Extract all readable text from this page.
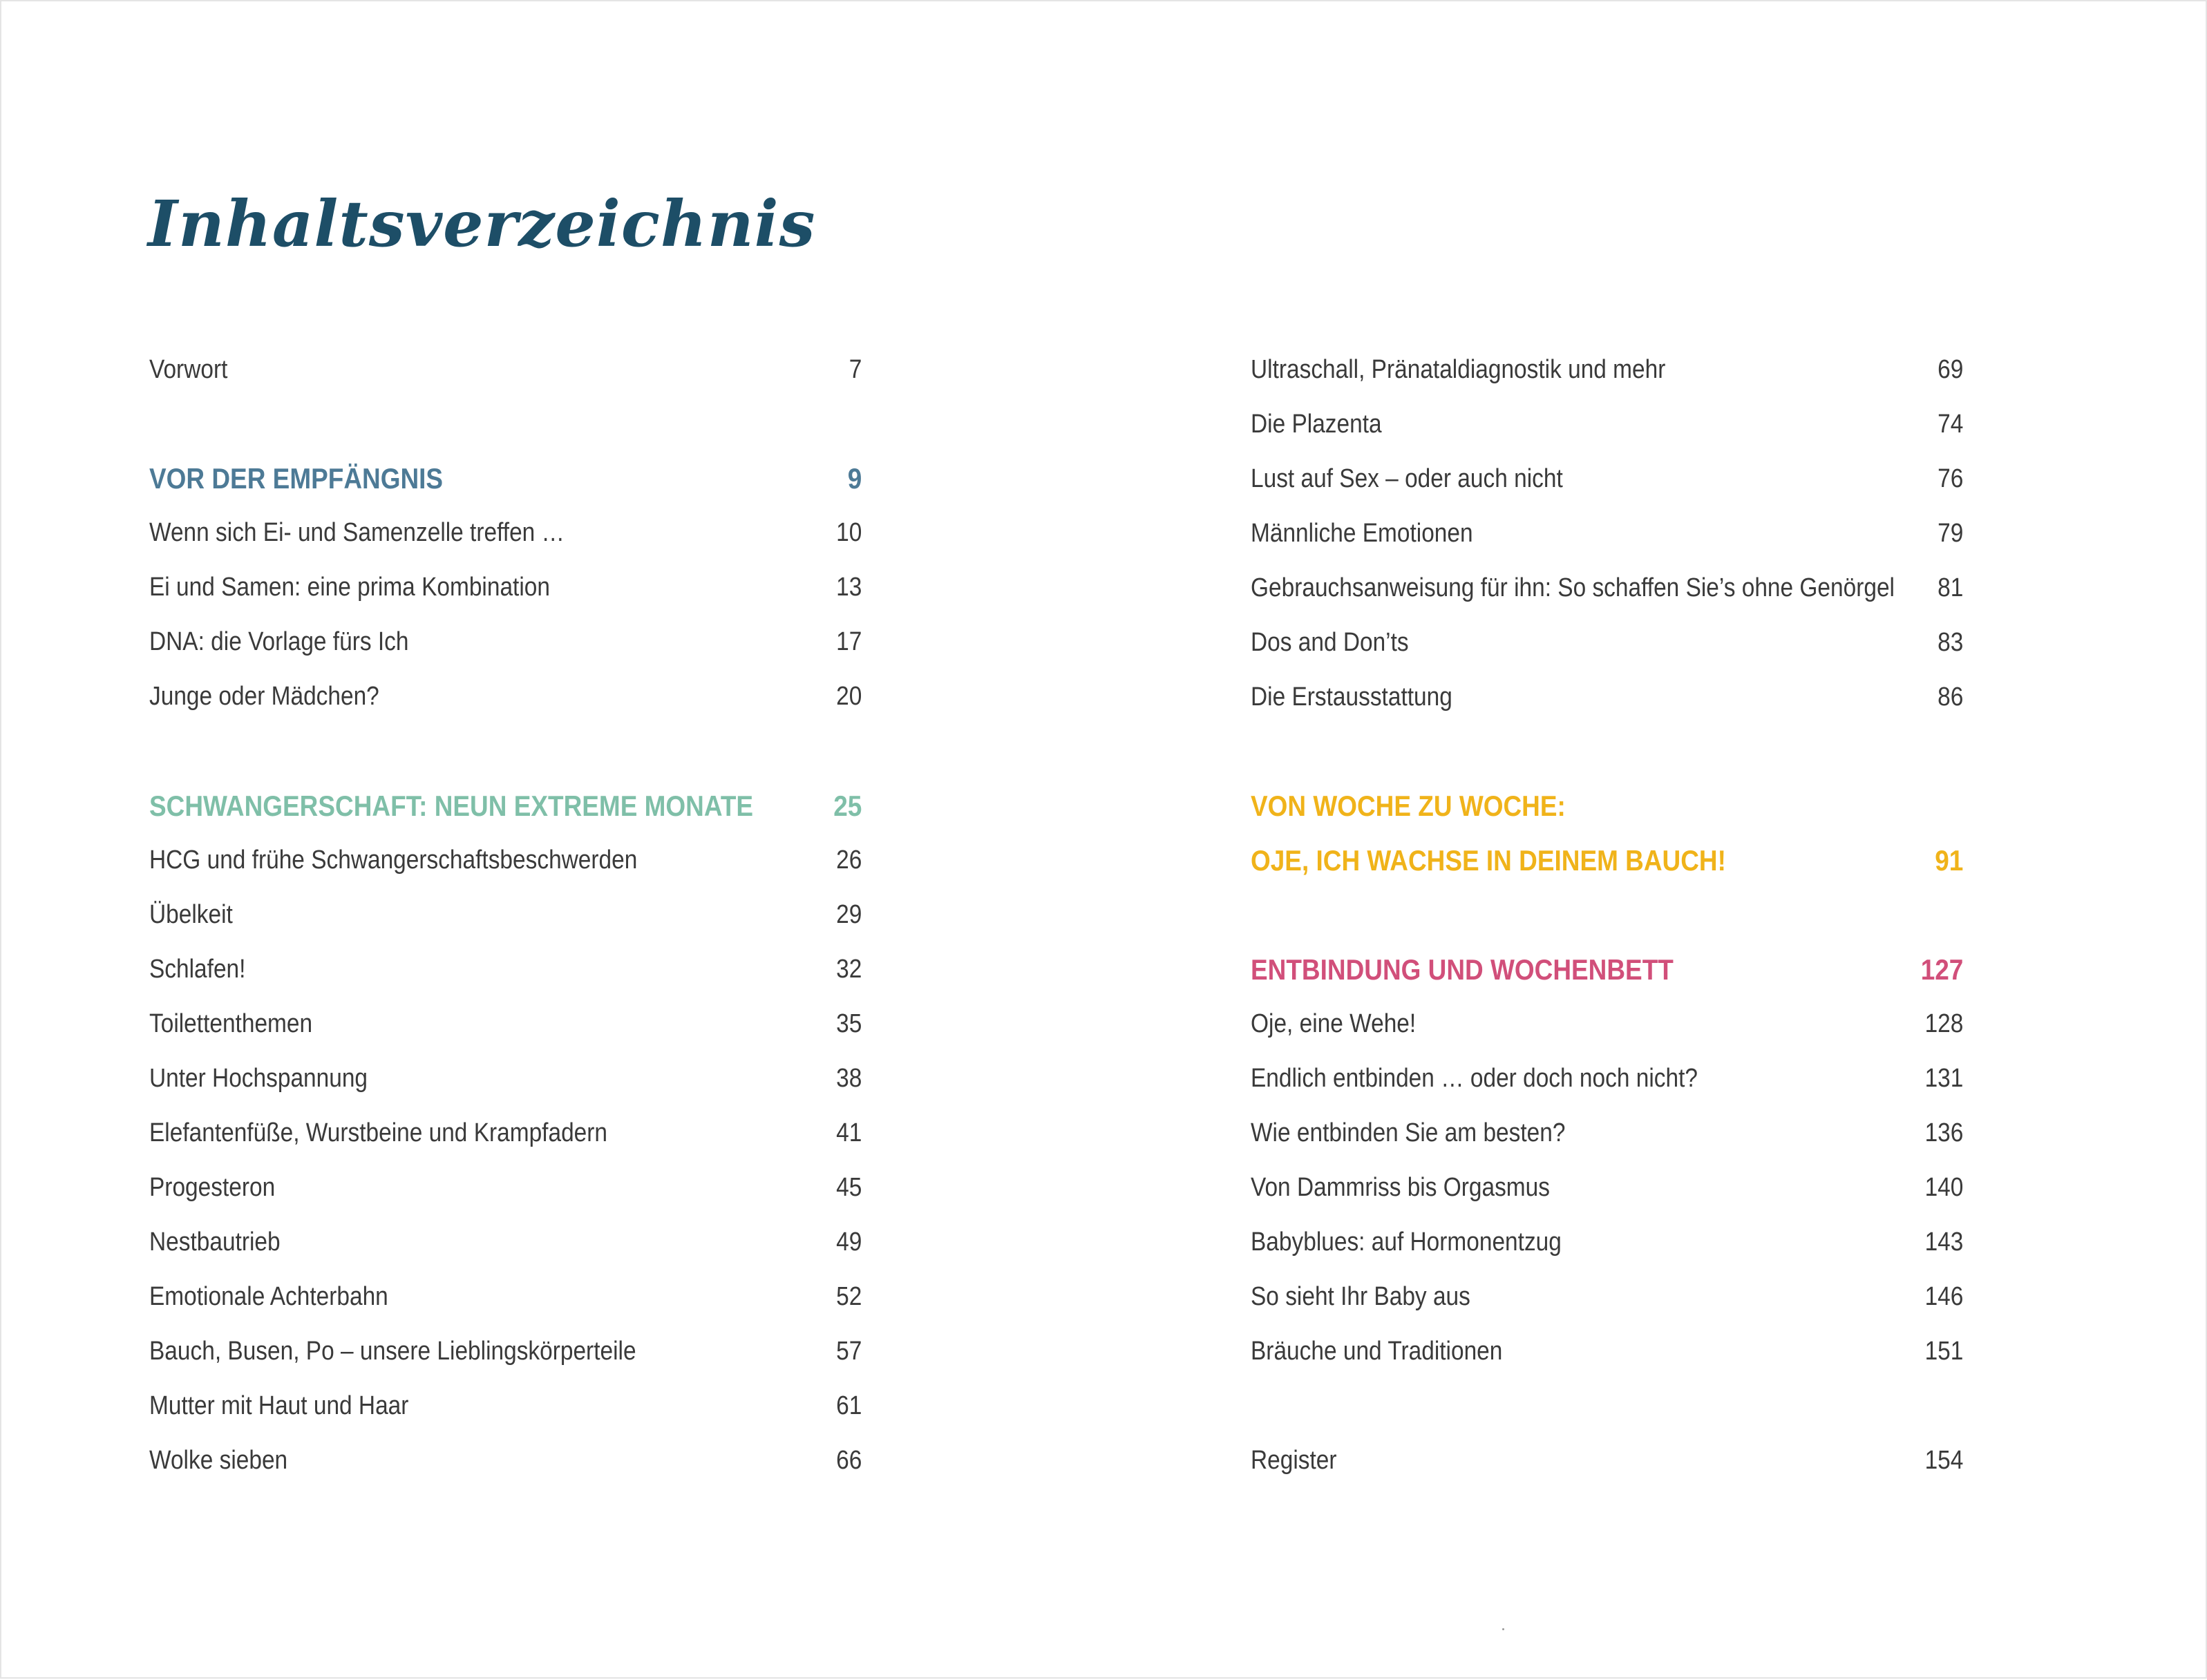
Inhaltsverzeichnis
Vorwort	7
VOR DER EMPFÄNGNIS	9
Wenn sich Ei- und Samenzelle treffen …	10
Ei und Samen: eine prima Kombination	13
DNA: die Vorlage fürs Ich	17
Junge oder Mädchen?	20
SCHWANGERSCHAFT: NEUN EXTREME MONATE	25
HCG und frühe Schwangerschaftsbeschwerden	26
Übelkeit	29
Schlafen!	32
Toilettenthemen	35
Unter Hochspannung	38
Elefantenfüße, Wurstbeine und Krampfadern	41
Progesteron	45
Nestbautrieb	49
Emotionale Achterbahn	52
Bauch, Busen, Po – unsere Lieblingskörperteile	57
Mutter mit Haut und Haar	61
Wolke sieben	66
Ultraschall, Pränataldiagnostik und mehr	69
Die Plazenta	74
Lust auf Sex – oder auch nicht	76
Männliche Emotionen	79
Gebrauchsanweisung für ihn: So schaffen Sie’s ohne Genörgel 81
Dos and Don’ts	83
Die Erstausstattung	86
VON WOCHE ZU WOCHE:
OJE, ICH WACHSE IN DEINEM BAUCH!	91
ENTBINDUNG UND WOCHENBETT	127
Oje, eine Wehe!	128
Endlich entbinden … oder doch noch nicht?	131
Wie entbinden Sie am besten?	136
Von Dammriss bis Orgasmus	140
Babyblues: auf Hormonentzug	143
So sieht Ihr Baby aus	146
Bräuche und Traditionen	151
Register	154
